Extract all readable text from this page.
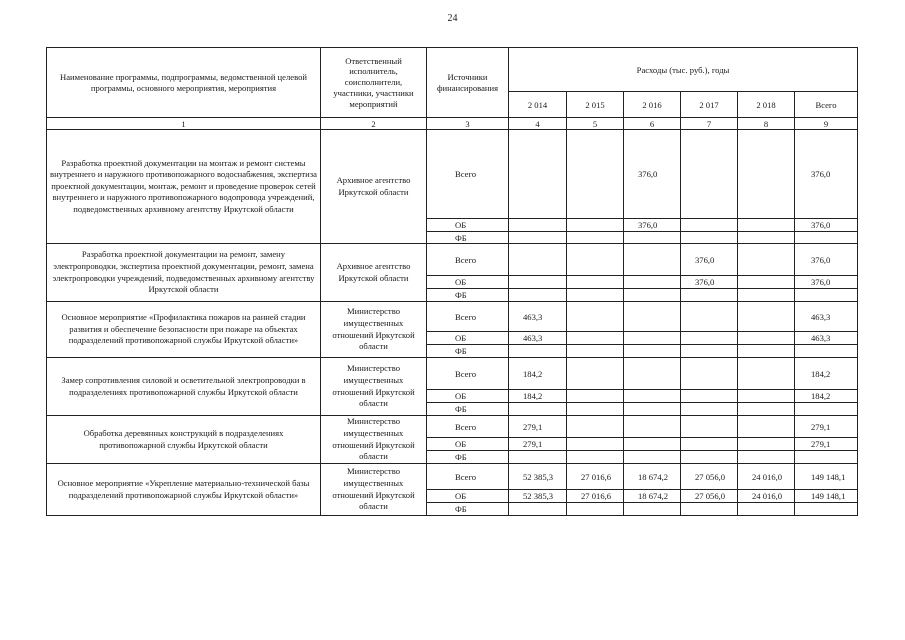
24
Наименование программы, подпрограммы, ведомственной целевой программы, основного мероприятия, мероприятия	Ответственный исполнитель, соисполнители, участники, участники мероприятий	Источники финансирования	Расходы (тыс. руб.), годы					
			2 014	2 015	2 016	2 017	2 018	Всего
1	2	3	4	5	6	7	8	9
Разработка проектной документации на монтаж и ремонт системы внутреннего и наружного противопожарного водоснабжения, экспертиза проектной документации, монтаж, ремонт и проведение проверок сетей внутреннего и наружного противопожарного водопровода учреждений, подведомственных архивному агентству Иркутской области	Архивное агентство Иркутской области	Всего			376,0			376,0
		ОБ			376,0			376,0
		ФБ						
Разработка проектной документации на ремонт, замену электропроводки, экспертиза проектной документации, ремонт, замена электропроводки учреждений, подведомственных архивному агентству Иркутской области	Архивное агентство Иркутской области	Всего				376,0		376,0
		ОБ				376,0		376,0
		ФБ						
Основное мероприятие «Профилактика пожаров на ранней стадии развития и обеспечение безопасности при пожаре на объектах подразделений противопожарной службы Иркутской области»	Министерство имущественных отношений Иркутской области	Всего	463,3					463,3
		ОБ	463,3					463,3
		ФБ						
Замер сопротивления силовой и осветительной электропроводки в подразделениях противопожарной службы Иркутской области	Министерство имущественных отношений Иркутской области	Всего	184,2					184,2
		ОБ	184,2					184,2
		ФБ						
Обработка деревянных конструкций в подразделениях противопожарной службы Иркутской области	Министерство имущественных отношений Иркутской области	Всего	279,1					279,1
		ОБ	279,1					279,1
		ФБ						
Основное мероприятие «Укрепление материально-технической базы подразделений противопожарной службы Иркутской области»	Министерство имущественных отношений Иркутской области	Всего	52 385,3	27 016,6	18 674,2	27 056,0	24 016,0	149 148,1
		ОБ	52 385,3	27 016,6	18 674,2	27 056,0	24 016,0	149 148,1
		ФБ						
